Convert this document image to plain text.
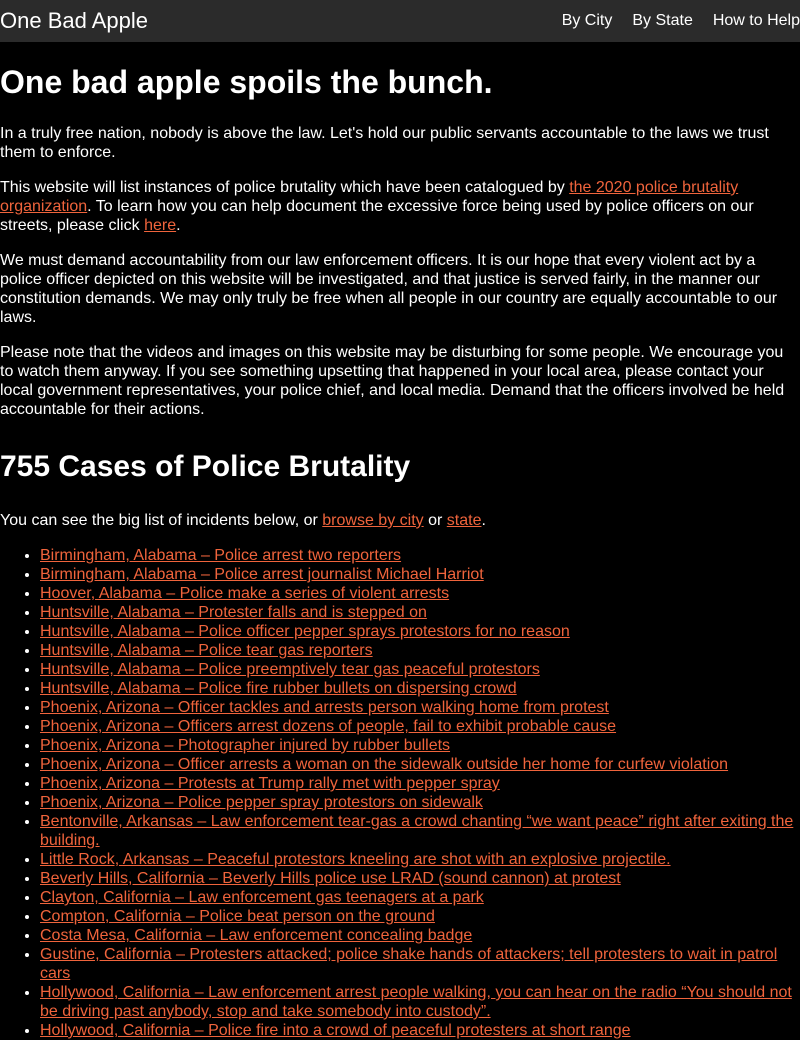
One Bad Apple	By City By State How to Help
One bad apple spoils the bunch.

In a truly free nation, nobody is above the law. Let's hold our public servants accountable to the laws we trust them to enforce.

This website will list instances of police brutality which have been catalogued by the 2020 police brutality organization. To learn how you can help document the excessive force being used by police officers on our streets, please click here.

We must demand accountability from our law enforcement officers. It is our hope that every violent act by a police officer depicted on this website will be investigated, and that justice is served fairly, in the manner our constitution demands. We may only truly be free when all people in our country are equally accountable to our laws.

Please note that the videos and images on this website may be disturbing for some people. We encourage you to watch them anyway. If you see something upsetting that happened in your local area, please contact your local government representatives, your police chief, and local media. Demand that the officers involved be held accountable for their actions.

755 Cases of Police Brutality

You can see the big list of incidents below, or browse by city or state.

• Birmingham, Alabama – Police arrest two reporters
• Birmingham, Alabama – Police arrest journalist Michael Harriot
• Hoover, Alabama – Police make a series of violent arrests
• Huntsville, Alabama – Protester falls and is stepped on
• Huntsville, Alabama – Police officer pepper sprays protestors for no reason
• Huntsville, Alabama – Police tear gas reporters
• Huntsville, Alabama – Police preemptively tear gas peaceful protestors
• Huntsville, Alabama – Police fire rubber bullets on dispersing crowd
• Phoenix, Arizona – Officer tackles and arrests person walking home from protest
• Phoenix, Arizona – Officers arrest dozens of people, fail to exhibit probable cause
• Phoenix, Arizona – Photographer injured by rubber bullets
• Phoenix, Arizona – Officer arrests a woman on the sidewalk outside her home for curfew violation
• Phoenix, Arizona – Protests at Trump rally met with pepper spray
• Phoenix, Arizona – Police pepper spray protestors on sidewalk
• Bentonville, Arkansas – Law enforcement tear-gas a crowd chanting “we want peace” right after exiting the building.
• Little Rock, Arkansas – Peaceful protestors kneeling are shot with an explosive projectile.
• Beverly Hills, California – Beverly Hills police use LRAD (sound cannon) at protest
• Clayton, California – Law enforcement gas teenagers at a park
• Compton, California – Police beat person on the ground
• Costa Mesa, California – Law enforcement concealing badge
• Gustine, California – Protesters attacked; police shake hands of attackers; tell protesters to wait in patrol cars
• Hollywood, California – Law enforcement arrest people walking, you can hear on the radio “You should not be driving past anybody, stop and take somebody into custody”.
• Hollywood, California – Police fire into a crowd of peaceful protesters at short range
